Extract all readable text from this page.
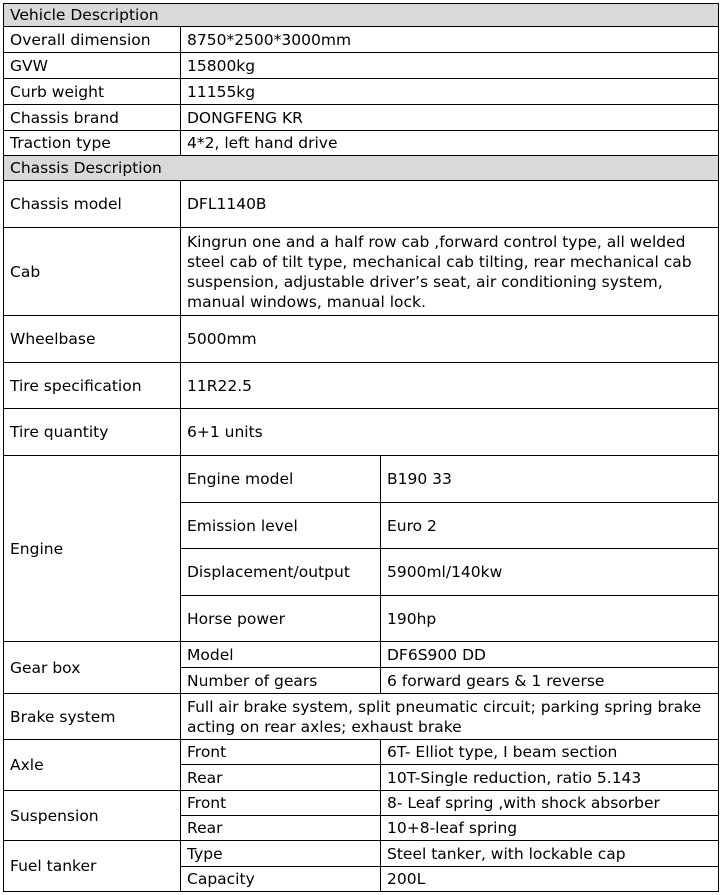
Vehicle Description		
Overall dimension	8750*2500*3000mm	
GVW	15800kg	
Curb weight	11155kg	
Chassis brand	DONGFENG KR	
Traction type	4*2, left hand drive	
Chassis Description		
Chassis model	DFL1140B	
Cab	Kingrun one and a half row cab ,forward control type, all welded steel cab of tilt type, mechanical cab tilting, rear mechanical cab suspension, adjustable driver’s seat, air conditioning system, manual windows, manual lock.	
Wheelbase	5000mm	
Tire specification	11R22.5	
Tire quantity	6+1 units	
Engine	Engine model	B190 33
	Emission level	Euro 2
	Displacement/output	5900ml/140kw
	Horse power	190hp
Gear box	Model	DF6S900 DD
	Number of gears	6 forward gears & 1 reverse
Brake system	Full air brake system, split pneumatic circuit; parking spring brake acting on rear axles; exhaust brake	
Axle	Front	6T- Elliot type, I beam section
	Rear	10T-Single reduction, ratio 5.143
Suspension	Front	8- Leaf spring ,with shock absorber
	Rear	10+8-leaf spring
Fuel tanker	Type	Steel tanker, with lockable cap
	Capacity	200L
